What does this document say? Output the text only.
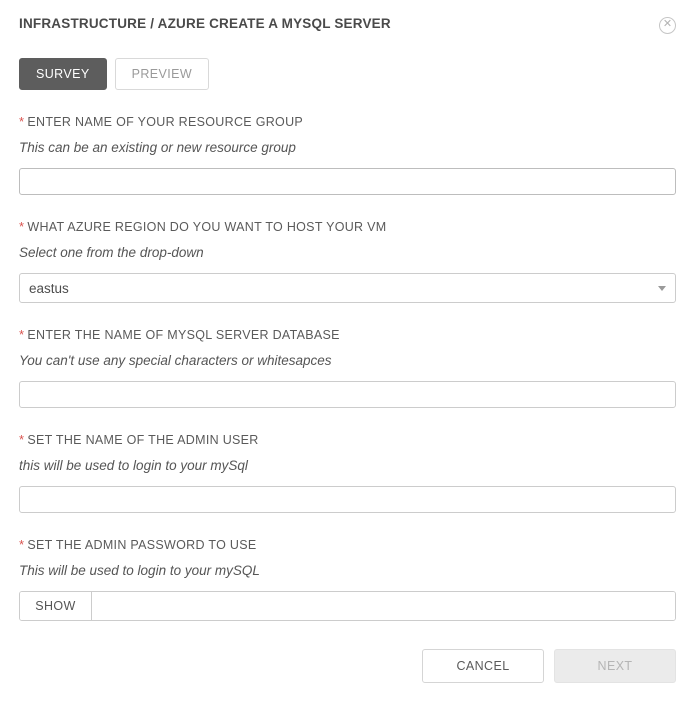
INFRASTRUCTURE / AZURE CREATE A MYSQL SERVER	✕
SURVEY	PREVIEW
* ENTER NAME OF YOUR RESOURCE GROUP
This can be an existing or new resource group
* WHAT AZURE REGION DO YOU WANT TO HOST YOUR VM
Select one from the drop-down
eastus
* ENTER THE NAME OF MYSQL SERVER DATABASE
You can't use any special characters or whitesapces
* SET THE NAME OF THE ADMIN USER
this will be used to login to your mySql
* SET THE ADMIN PASSWORD TO USE
This will be used to login to your mySQL
SHOW
CANCEL	NEXT
